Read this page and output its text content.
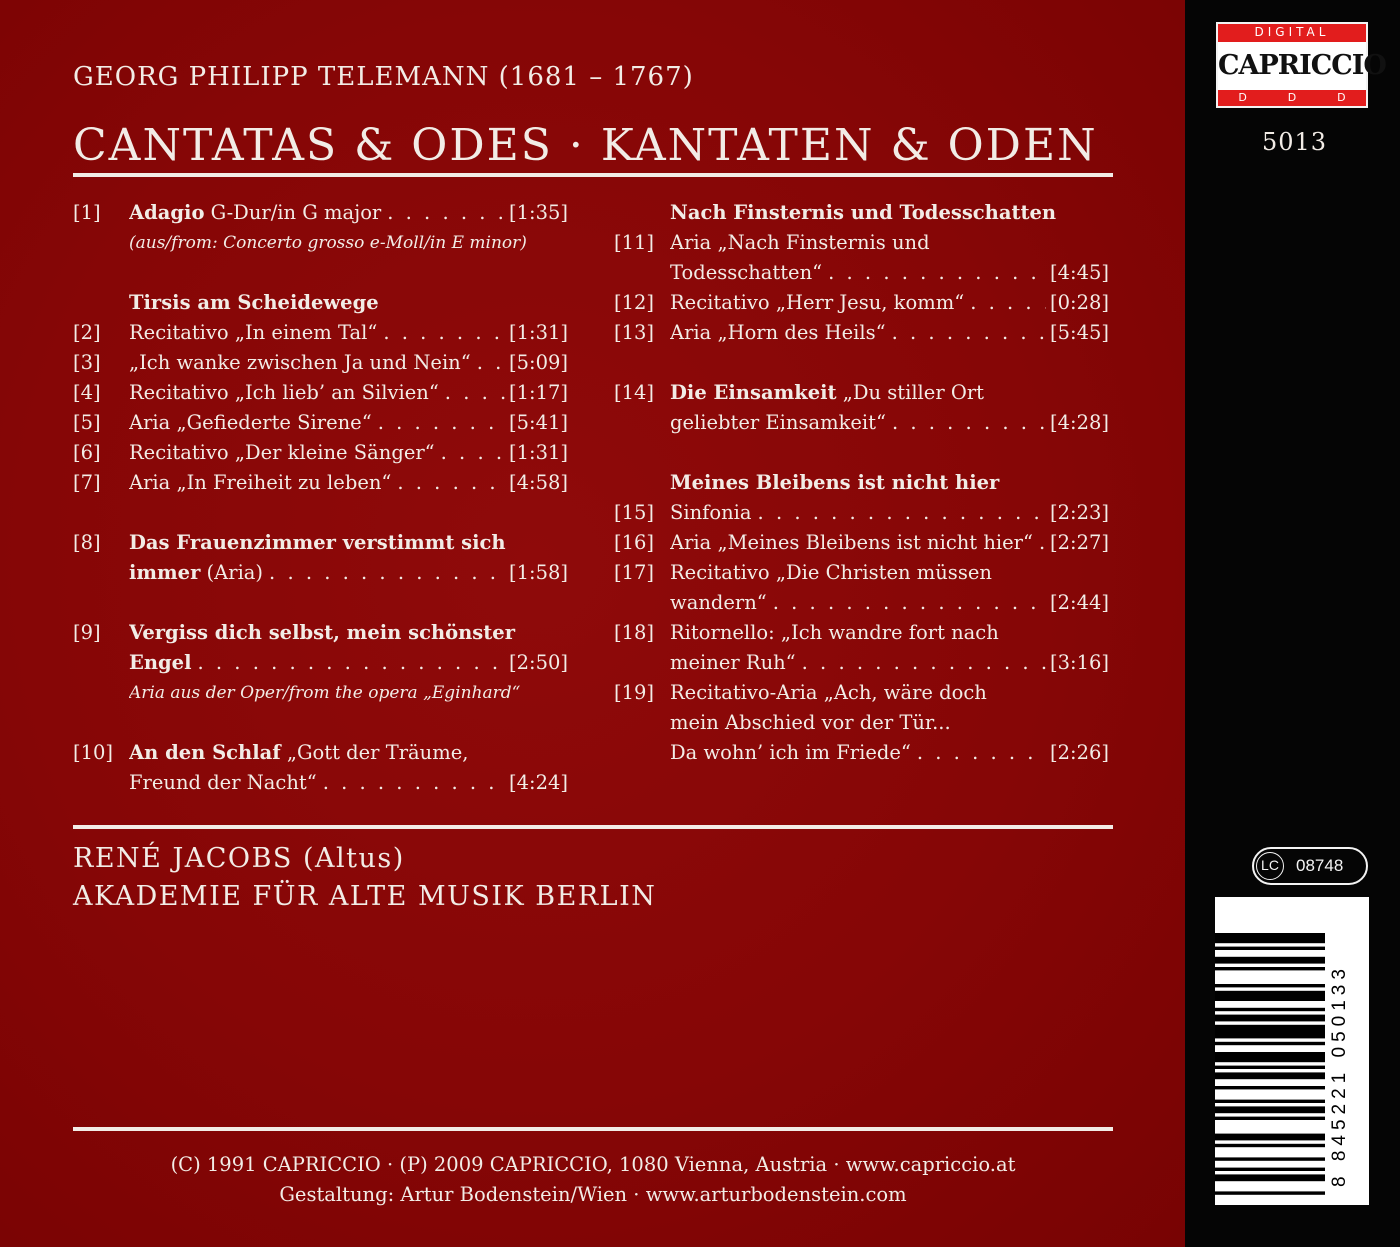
GEORG PHILIPP TELEMANN (1681 – 1767)
CANTATAS & ODES · KANTATEN & ODEN
[1]	Adagio G-Dur/in G major . . .	[1:35]
(aus/from: Concerto grosso e-Moll/in E minor)
Tirsis am Scheidewege
[2]	Recitativo „In einem Tal“ . . .	[1:31]
[3]	„Ich wanke zwischen Ja und Nein“ . . . [5:09]
[4]	Recitativo „Ich lieb’ an Silvien“ . . .	[1:17]
[5]	Aria „Gefiederte Sirene“ . . .	[5:41]
[6]	Recitativo „Der kleine Sänger“ . . .	[1:31]
[7]	Aria „In Freiheit zu leben“ . . .	[4:58]
[8]	Das Frauenzimmer verstimmt sich
immer (Aria) . . .	[1:58]
[9]	Vergiss dich selbst, mein schönster
Engel . . .	[2:50]
Aria aus der Oper/from the opera „Eginhard“
[10] An den Schlaf „Gott der Träume,
Freund der Nacht“ . . .	[4:24]
Nach Finsternis und Todesschatten
[11] Aria „Nach Finsternis und
Todesschatten“ . . .	[4:45]
[12] Recitativo „Herr Jesu, komm“ . . .	[0:28]
[13] Aria „Horn des Heils“ . . .	[5:45]
[14] Die Einsamkeit „Du stiller Ort
geliebter Einsamkeit“ . . .	[4:28]
Meines Bleibens ist nicht hier
[15] Sinfonia . . .	[2:23]
[16] Aria „Meines Bleibens ist nicht hier“ . . . [2:27]
[17] Recitativo „Die Christen müssen
wandern“ . . .	[2:44]
[18] Ritornello: „Ich wandre fort nach
meiner Ruh“ . . .	[3:16]
[19] Recitativo-Aria „Ach, wäre doch
mein Abschied vor der Tür...
Da wohn’ ich im Friede“ . . .	[2:26]
RENÉ JACOBS (Altus)
AKADEMIE FÜR ALTE MUSIK BERLIN
(C) 1991 CAPRICCIO · (P) 2009 CAPRICCIO, 1080 Vienna, Austria · www.capriccio.at
Gestaltung: Artur Bodenstein/Wien · www.arturbodenstein.com
DIGITAL
CAPRICCIO
D	D	D
5013
LC 08748
